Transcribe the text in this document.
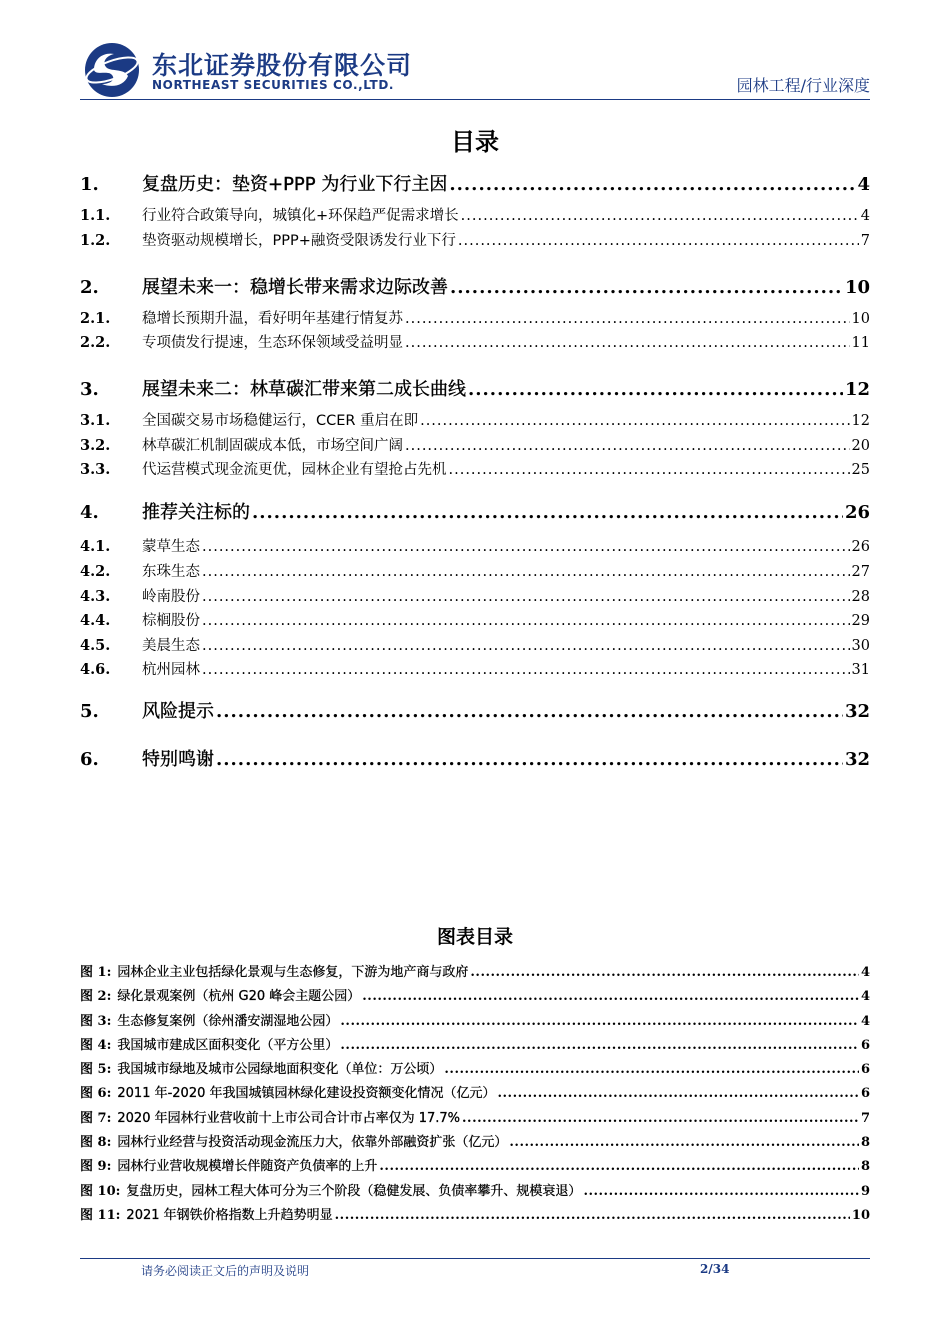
东北证券股份有限公司
NORTHEAST SECURITIES CO.,LTD.	园林工程/行业深度
目录
1.	复盘历史：垫资+PPP 为行业下行主因 .....	4
1.1.	行业符合政策导向，城镇化+环保趋严促需求增长 .....	4
1.2.	垫资驱动规模增长，PPP+融资受限诱发行业下行 .....	7
2.	展望未来一：稳增长带来需求边际改善 .....	10
2.1.	稳增长预期升温，看好明年基建行情复苏 .....	10
2.2.	专项债发行提速，生态环保领域受益明显 .....	11
3.	展望未来二：林草碳汇带来第二成长曲线 .....	12
3.1.	全国碳交易市场稳健运行，CCER 重启在即 .....	12
3.2.	林草碳汇机制固碳成本低，市场空间广阔 .....	20
3.3.	代运营模式现金流更优，园林企业有望抢占先机 .....	25
4.	推荐关注标的 .....	26
4.1.	蒙草生态 .....	26
4.2.	东珠生态 .....	27
4.3.	岭南股份 .....	28
4.4.	棕榈股份 .....	29
4.5.	美晨生态 .....	30
4.6.	杭州园林 .....	31
5.	风险提示 .....	32
6.	特别鸣谢 .....	32
图表目录
图 1: 园林企业主业包括绿化景观与生态修复，下游为地产商与政府 .....	4
图 2: 绿化景观案例（杭州 G20 峰会主题公园） .....	4
图 3: 生态修复案例（徐州潘安湖湿地公园） .....	4
图 4: 我国城市建成区面积变化（平方公里） .....	6
图 5: 我国城市绿地及城市公园绿地面积变化（单位：万公顷） .....	6
图 6: 2011 年-2020 年我国城镇园林绿化建设投资额变化情况（亿元） .....	6
图 7: 2020 年园林行业营收前十上市公司合计市占率仅为 17.7% .....	7
图 8: 园林行业经营与投资活动现金流压力大，依靠外部融资扩张（亿元） .....	8
图 9: 园林行业营收规模增长伴随资产负债率的上升 .....	8
图 10: 复盘历史，园林工程大体可分为三个阶段（稳健发展、负债率攀升、规模衰退） .....	9
图 11: 2021 年钢铁价格指数上升趋势明显 .....	10
请务必阅读正文后的声明及说明	2/34
